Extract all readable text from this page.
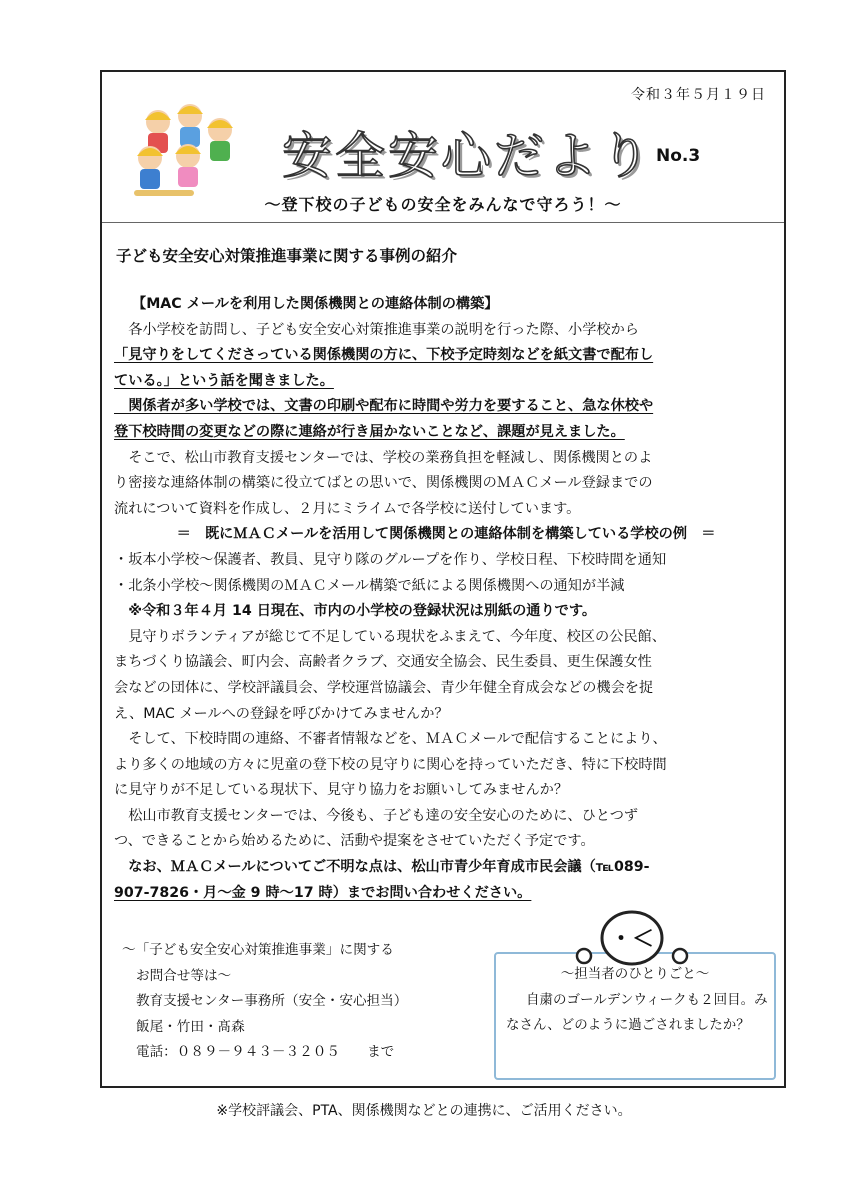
令和３年５月１９日
安全安心だより No.3
～登下校の子どもの安全をみんなで守ろう！～
子ども安全安心対策推進事業に関する事例の紹介

【MAC メールを利用した関係機関との連絡体制の構築】

　各小学校を訪問し、子ども安全安心対策推進事業の説明を行った際、小学校から

「見守りをしてくださっている関係機関の方に、下校予定時刻などを紙文書で配布し

ている。」という話を聞きました。

　関係者が多い学校では、文書の印刷や配布に時間や労力を要すること、急な休校や

登下校時間の変更などの際に連絡が行き届かないことなど、課題が見えました。

　そこで、松山市教育支援センターでは、学校の業務負担を軽減し、関係機関とのよ

り密接な連絡体制の構築に役立てばとの思いで、関係機関のＭＡＣメール登録までの

流れについて資料を作成し、２月にミライムで各学校に送付しています。

＝　既にＭＡＣメールを活用して関係機関との連絡体制を構築している学校の例　＝

・坂本小学校～保護者、教員、見守り隊のグループを作り、学校日程、下校時間を通知

・北条小学校～関係機関のＭＡＣメール構築で紙による関係機関への通知が半減

　※令和３年４月 14 日現在、市内の小学校の登録状況は別紙の通りです。

　見守りボランティアが総じて不足している現状をふまえて、今年度、校区の公民館、

まちづくり協議会、町内会、高齢者クラブ、交通安全協会、民生委員、更生保護女性

会などの団体に、学校評議員会、学校運営協議会、青少年健全育成会などの機会を捉

え、MAC メールへの登録を呼びかけてみませんか？

　そして、下校時間の連絡、不審者情報などを、ＭＡＣメールで配信することにより、

より多くの地域の方々に児童の登下校の見守りに関心を持っていただき、特に下校時間

に見守りが不足している現状下、見守り協力をお願いしてみませんか？

　松山市教育支援センターでは、今後も、子ども達の安全安心のために、ひとつず

つ、できることから始めるために、活動や提案をさせていただく予定です。

　なお、ＭＡＣメールについてご不明な点は、松山市青少年育成市民会議（℡089-

907-7826・月～金 9 時～17 時）までお問い合わせください。

～「子ども安全安心対策推進事業」に関する

お問合せ等は～

教育支援センター事務所（安全・安心担当）

飯尾・竹田・髙森

電話：０８９－９４３－３２０５　　まで

～担当者のひとりごと～
自粛のゴールデンウィークも２回目。みなさん、どのように過ごされましたか？
・＜
※学校評議会、PTA、関係機関などとの連携に、ご活用ください。
